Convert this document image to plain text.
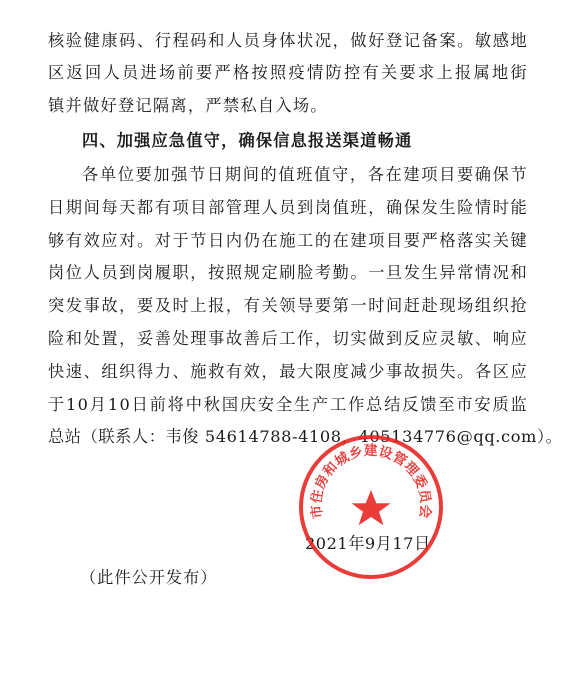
核验健康码、行程码和人员身体状况，做好登记备案。敏感地
区返回人员进场前要严格按照疫情防控有关要求上报属地街
镇并做好登记隔离，严禁私自入场。
四、加强应急值守，确保信息报送渠道畅通
各单位要加强节日期间的值班值守，各在建项目要确保节
日期间每天都有项目部管理人员到岗值班，确保发生险情时能
够有效应对。对于节日内仍在施工的在建项目要严格落实关键
岗位人员到岗履职，按照规定刷脸考勤。一旦发生异常情况和
突发事故，要及时上报，有关领导要第一时间赶赴现场组织抢
险和处置，妥善处理事故善后工作，切实做到反应灵敏、响应
快速、组织得力、施救有效，最大限度减少事故损失。各区应
于10月10日前将中秋国庆安全生产工作总结反馈至市安质监
总站（联系人：韦俊 54614788-4108，405134776@qq.com）。
2021年9月17日
市住房和城乡建设管理委员会
（此件公开发布）
